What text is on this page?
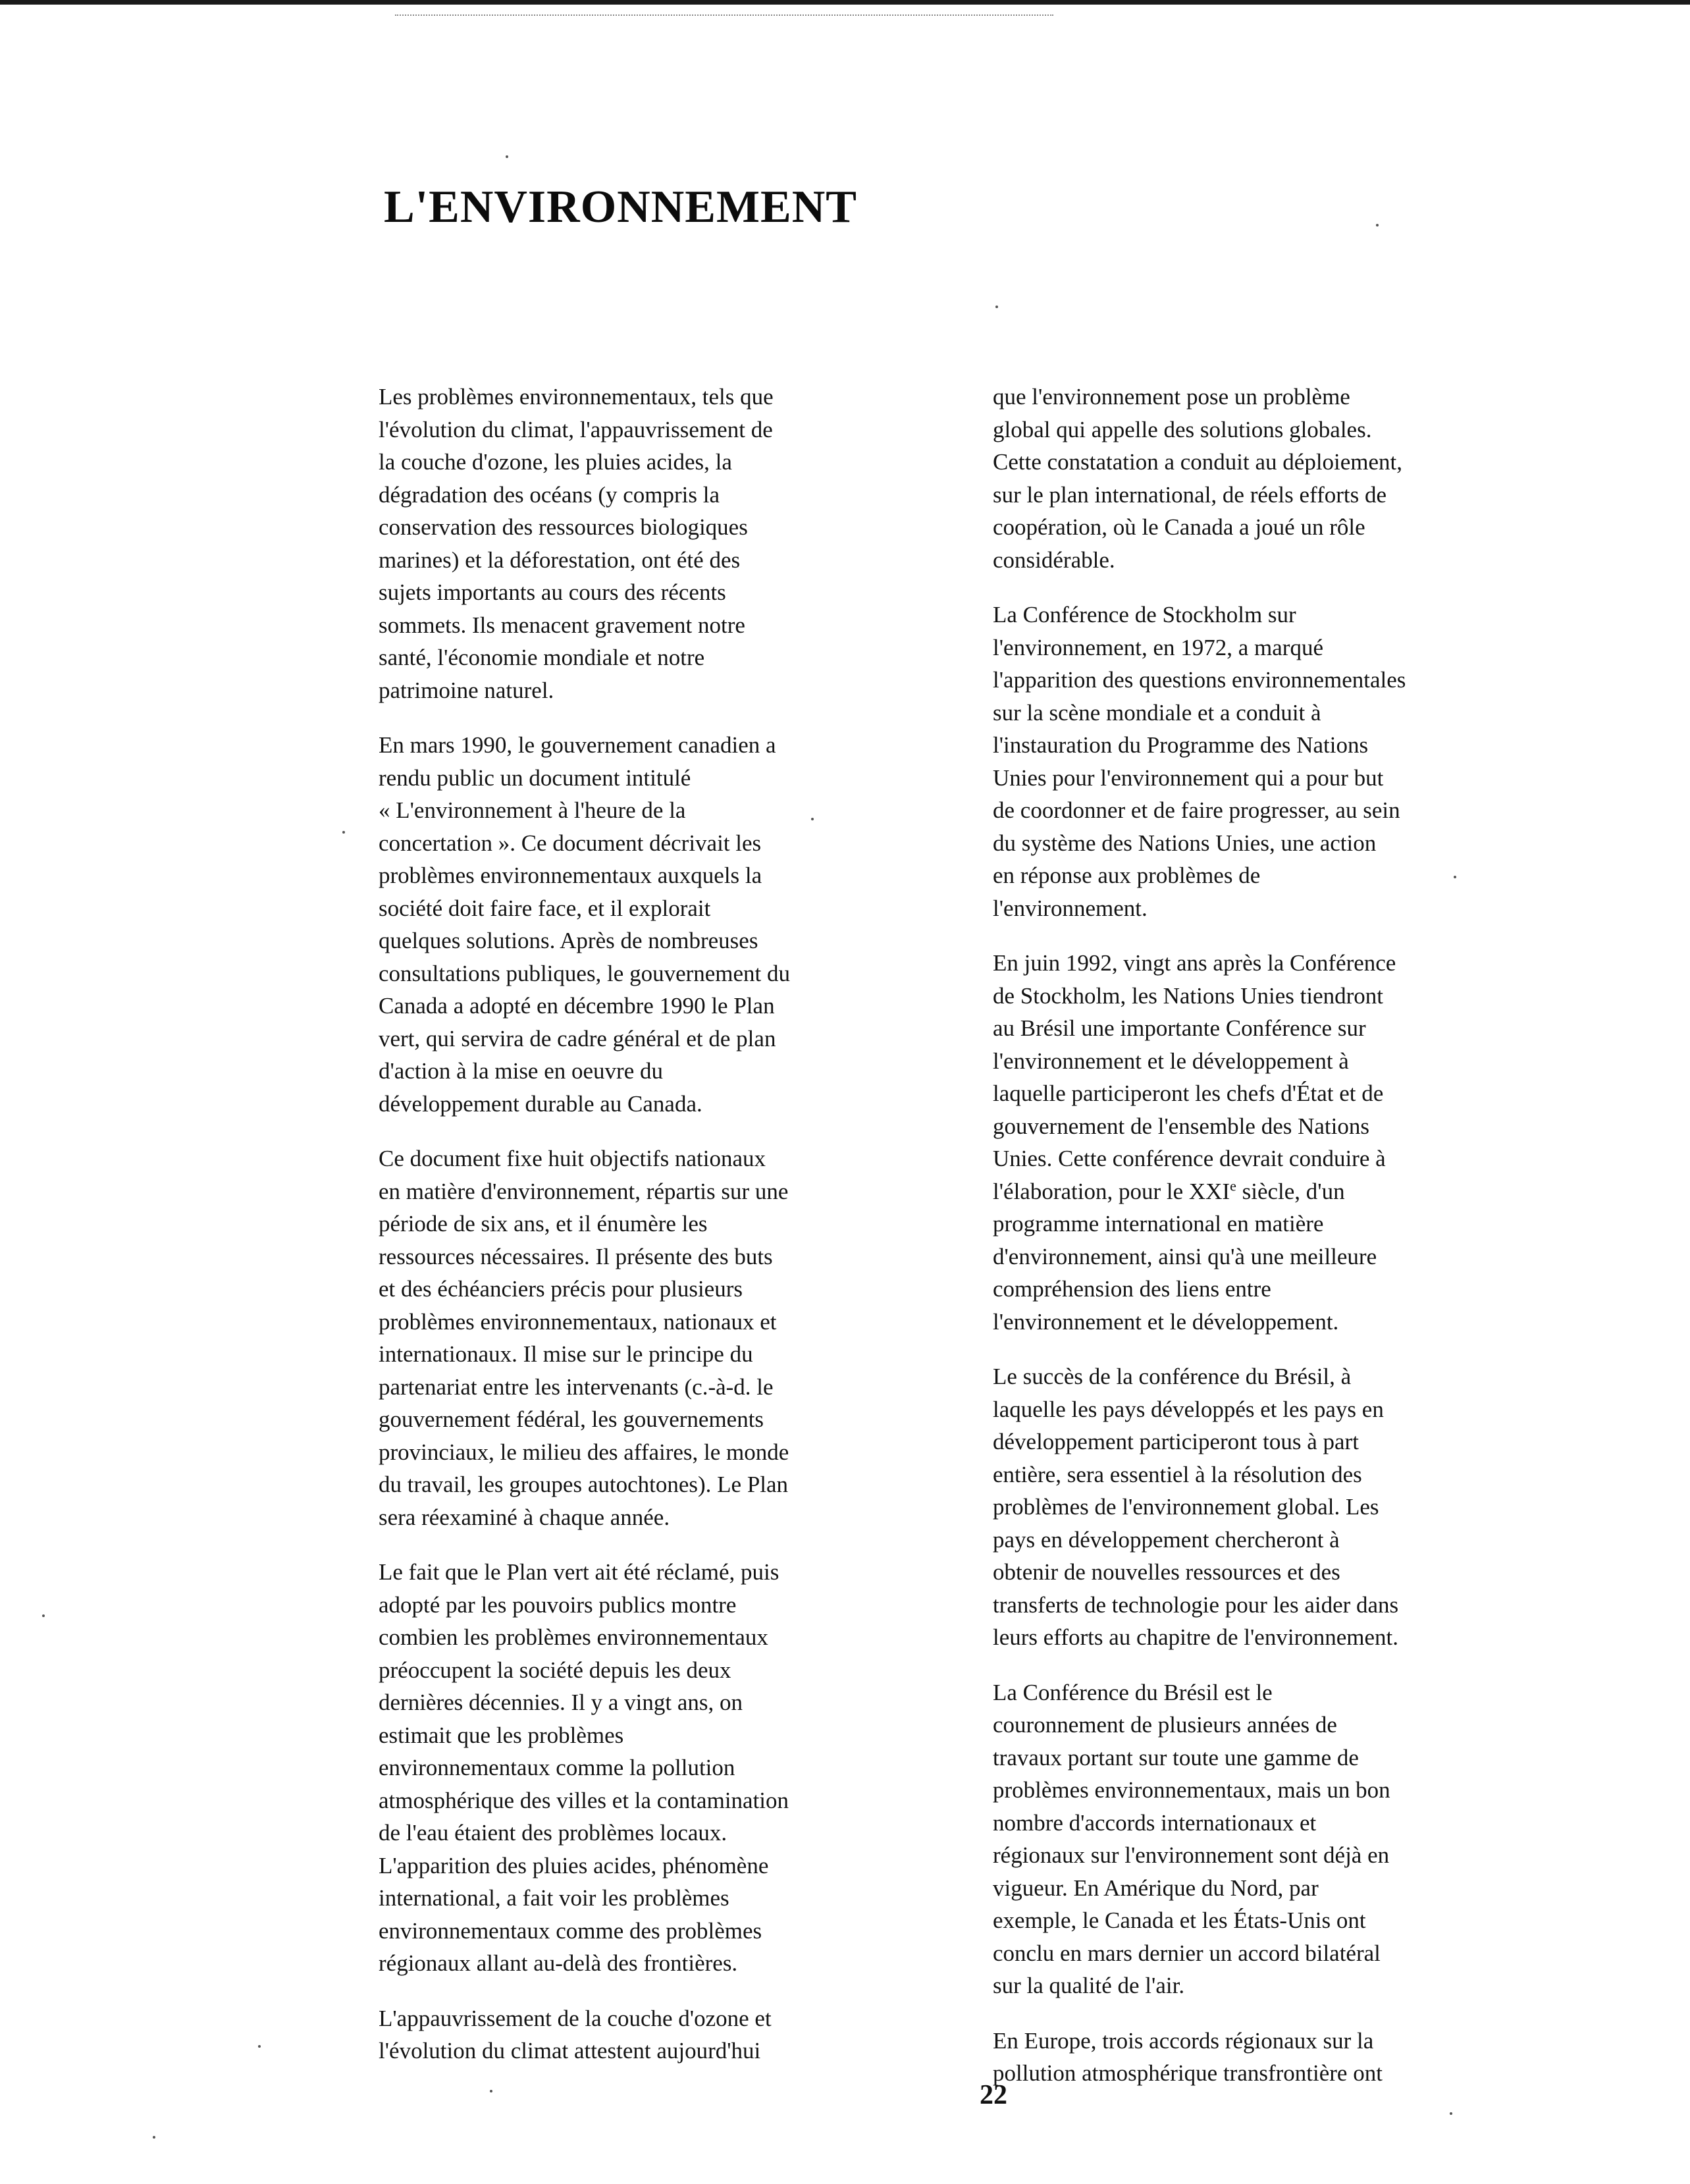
L'ENVIRONNEMENT

Les problèmes environnementaux, tels que
l'évolution du climat, l'appauvrissement de
la couche d'ozone, les pluies acides, la
dégradation des océans (y compris la
conservation des ressources biologiques
marines) et la déforestation, ont été des
sujets importants au cours des récents
sommets. Ils menacent gravement notre
santé, l'économie mondiale et notre
patrimoine naturel.

En mars 1990, le gouvernement canadien a
rendu public un document intitulé
« L'environnement à l'heure de la
concertation ». Ce document décrivait les
problèmes environnementaux auxquels la
société doit faire face, et il explorait
quelques solutions. Après de nombreuses
consultations publiques, le gouvernement du
Canada a adopté en décembre 1990 le Plan
vert, qui servira de cadre général et de plan
d'action à la mise en oeuvre du
développement durable au Canada.

Ce document fixe huit objectifs nationaux
en matière d'environnement, répartis sur une
période de six ans, et il énumère les
ressources nécessaires. Il présente des buts
et des échéanciers précis pour plusieurs
problèmes environnementaux, nationaux et
internationaux. Il mise sur le principe du
partenariat entre les intervenants (c.-à-d. le
gouvernement fédéral, les gouvernements
provinciaux, le milieu des affaires, le monde
du travail, les groupes autochtones). Le Plan
sera réexaminé à chaque année.

Le fait que le Plan vert ait été réclamé, puis
adopté par les pouvoirs publics montre
combien les problèmes environnementaux
préoccupent la société depuis les deux
dernières décennies. Il y a vingt ans, on
estimait que les problèmes
environnementaux comme la pollution
atmosphérique des villes et la contamination
de l'eau étaient des problèmes locaux.
L'apparition des pluies acides, phénomène
international, a fait voir les problèmes
environnementaux comme des problèmes
régionaux allant au-delà des frontières.

L'appauvrissement de la couche d'ozone et
l'évolution du climat attestent aujourd'hui

que l'environnement pose un problème
global qui appelle des solutions globales.
Cette constatation a conduit au déploiement,
sur le plan international, de réels efforts de
coopération, où le Canada a joué un rôle
considérable.

La Conférence de Stockholm sur
l'environnement, en 1972, a marqué
l'apparition des questions environnementales
sur la scène mondiale et a conduit à
l'instauration du Programme des Nations
Unies pour l'environnement qui a pour but
de coordonner et de faire progresser, au sein
du système des Nations Unies, une action
en réponse aux problèmes de
l'environnement.

En juin 1992, vingt ans après la Conférence
de Stockholm, les Nations Unies tiendront
au Brésil une importante Conférence sur
l'environnement et le développement à
laquelle participeront les chefs d'État et de
gouvernement de l'ensemble des Nations
Unies. Cette conférence devrait conduire à
l'élaboration, pour le XXIe siècle, d'un
programme international en matière
d'environnement, ainsi qu'à une meilleure
compréhension des liens entre
l'environnement et le développement.

Le succès de la conférence du Brésil, à
laquelle les pays développés et les pays en
développement participeront tous à part
entière, sera essentiel à la résolution des
problèmes de l'environnement global. Les
pays en développement chercheront à
obtenir de nouvelles ressources et des
transferts de technologie pour les aider dans
leurs efforts au chapitre de l'environnement.

La Conférence du Brésil est le
couronnement de plusieurs années de
travaux portant sur toute une gamme de
problèmes environnementaux, mais un bon
nombre d'accords internationaux et
régionaux sur l'environnement sont déjà en
vigueur. En Amérique du Nord, par
exemple, le Canada et les États-Unis ont
conclu en mars dernier un accord bilatéral
sur la qualité de l'air.

En Europe, trois accords régionaux sur la
pollution atmosphérique transfrontière ont

22
